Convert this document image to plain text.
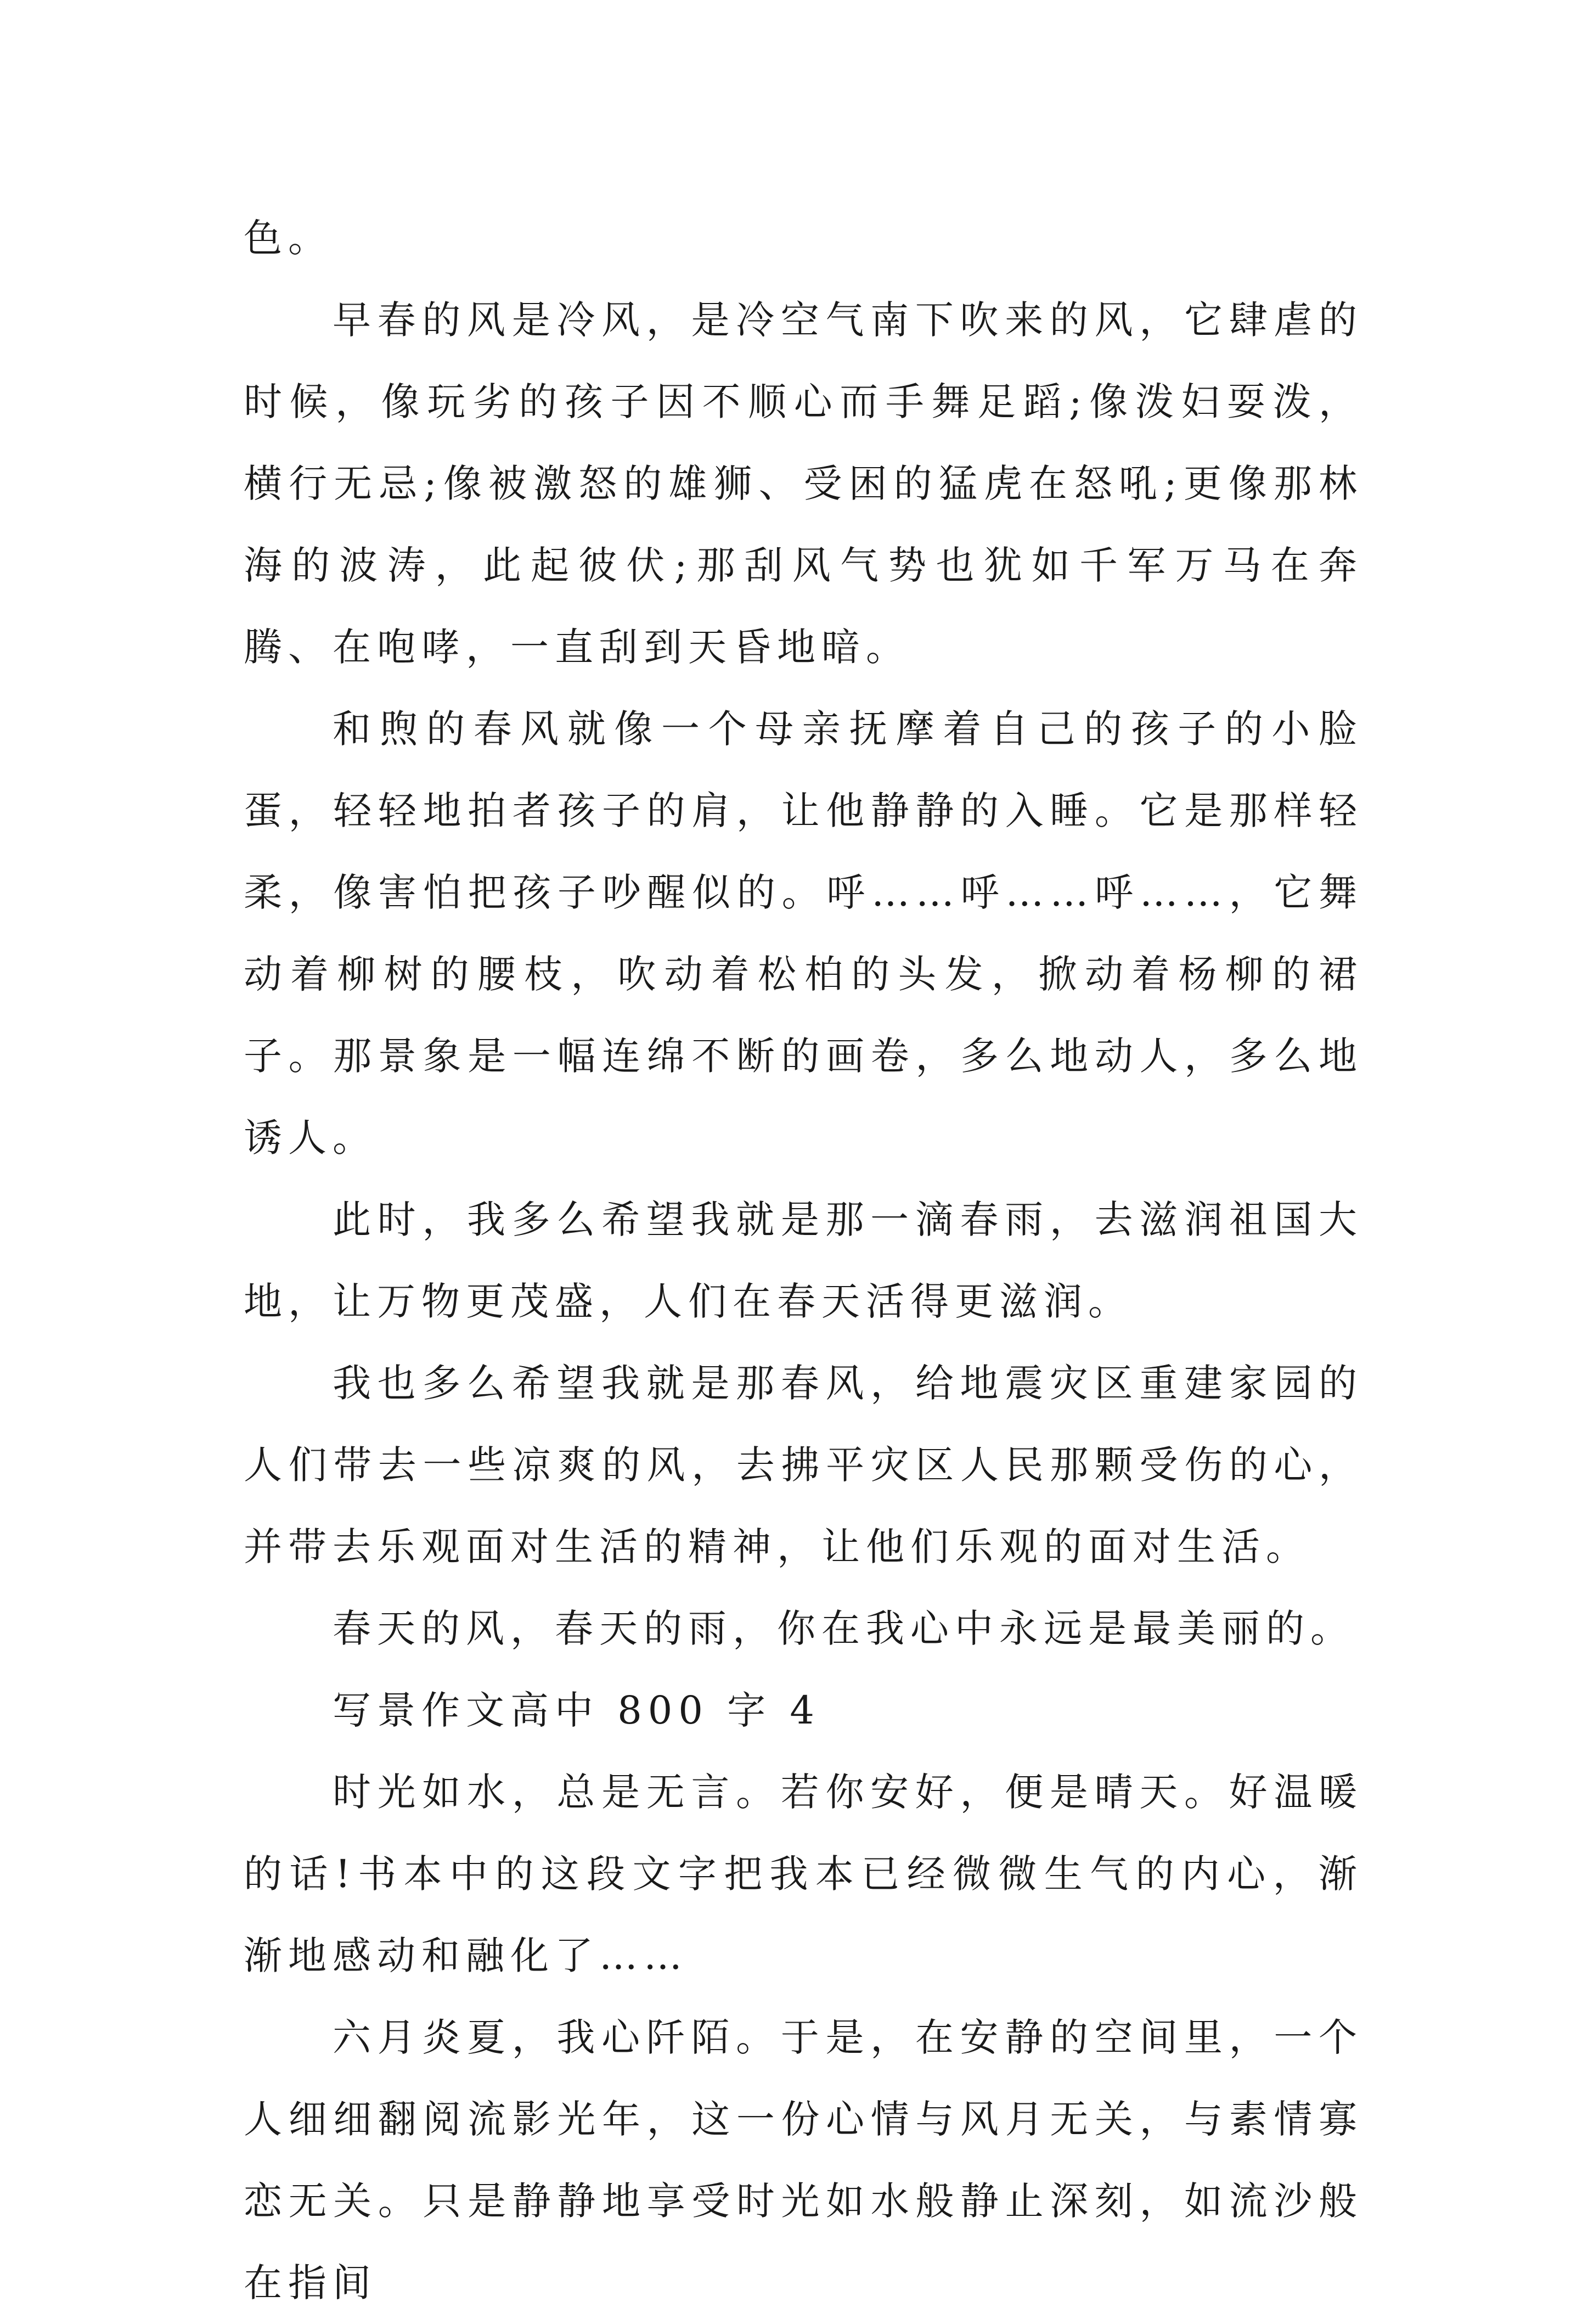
色。

早春的风是冷风，是冷空气南下吹来的风，它肆虐的时候，像玩劣的孩子因不顺心而手舞足蹈;像泼妇耍泼，横行无忌;像被激怒的雄狮、受困的猛虎在怒吼;更像那林海的波涛，此起彼伏;那刮风气势也犹如千军万马在奔腾、在咆哮，一直刮到天昏地暗。

和煦的春风就像一个母亲抚摩着自己的孩子的小脸蛋，轻轻地拍者孩子的肩，让他静静的入睡。它是那样轻柔，像害怕把孩子吵醒似的。呼……呼……呼……，它舞动着柳树的腰枝，吹动着松柏的头发，掀动着杨柳的裙子。那景象是一幅连绵不断的画卷，多么地动人，多么地诱人。

此时，我多么希望我就是那一滴春雨，去滋润祖国大地，让万物更茂盛，人们在春天活得更滋润。

我也多么希望我就是那春风，给地震灾区重建家园的人们带去一些凉爽的风，去拂平灾区人民那颗受伤的心，并带去乐观面对生活的精神，让他们乐观的面对生活。

春天的风，春天的雨，你在我心中永远是最美丽的。

写景作文高中 800 字 4

时光如水，总是无言。若你安好，便是晴天。好温暖的话!书本中的这段文字把我本已经微微生气的内心，渐渐地感动和融化了……

六月炎夏，我心阡陌。于是，在安静的空间里，一个人细细翻阅流影光年，这一份心情与风月无关，与素情寡恋无关。只是静静地享受时光如水般静止深刻，如流沙般在指间
